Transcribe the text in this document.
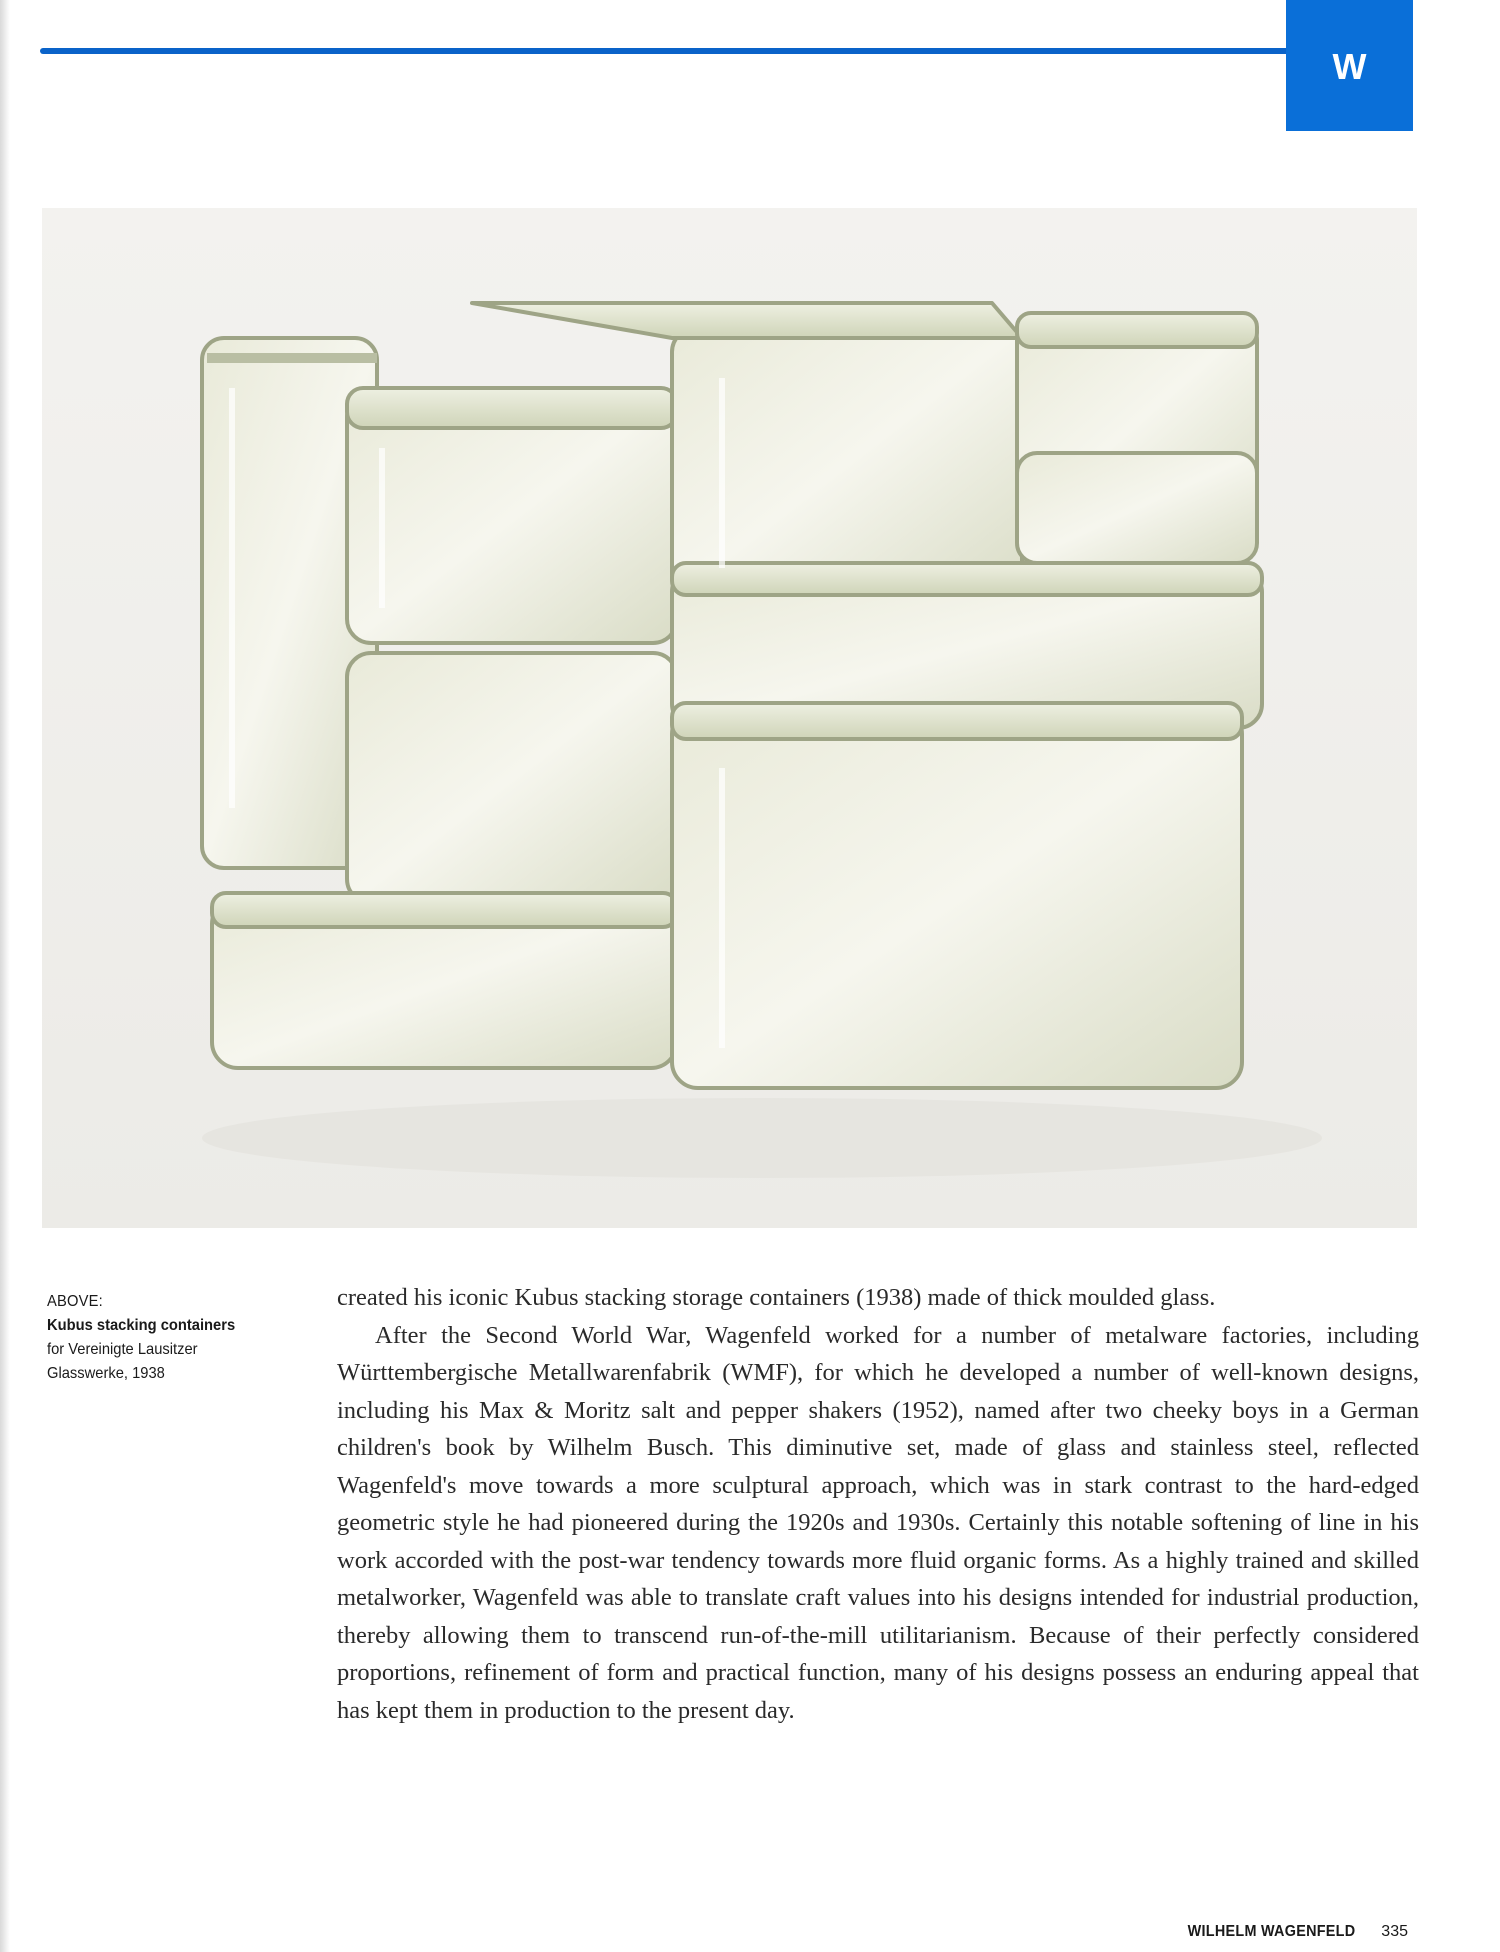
W
ABOVE:
Kubus stacking containers
for Vereinigte Lausitzer
Glasswerke, 1938

created his iconic Kubus stacking storage containers (1938) made of thick moulded glass.

After the Second World War, Wagenfeld worked for a number of metalware factories, including Württembergische Metallwarenfabrik (WMF), for which he developed a number of well-known designs, including his Max & Moritz salt and pepper shakers (1952), named after two cheeky boys in a German children's book by Wilhelm Busch. This diminutive set, made of glass and stainless steel, reflected Wagenfeld's move towards a more sculptural approach, which was in stark contrast to the hard-edged geometric style he had pioneered during the 1920s and 1930s. Certainly this notable softening of line in his work accorded with the post-war tendency towards more fluid organic forms. As a highly trained and skilled metalworker, Wagenfeld was able to translate craft values into his designs intended for industrial production, thereby allowing them to transcend run-of-the-mill utilitarianism. Because of their perfectly considered proportions, refinement of form and practical function, many of his designs possess an enduring appeal that has kept them in production to the present day.

WILHELM WAGENFELD 335
